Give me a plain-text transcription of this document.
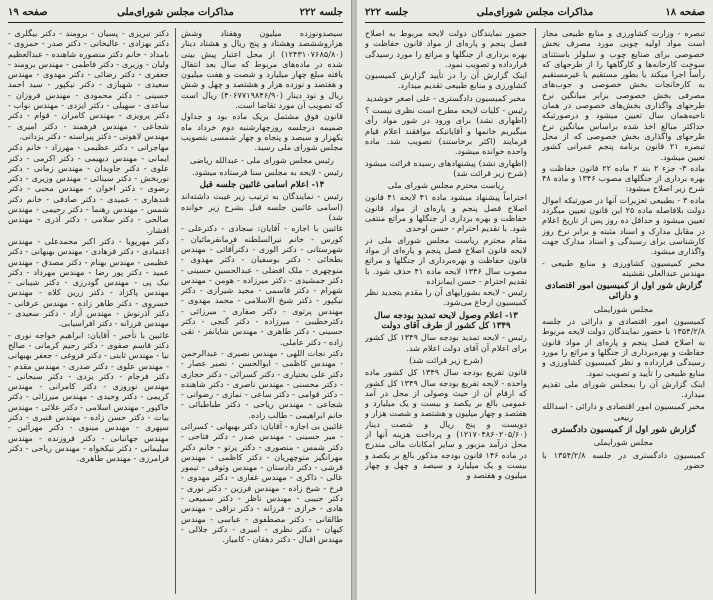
جلسه ۲۲۲
مذاکرات مجلس شورای‌ملی
صفحه ۱۹

سیصدونوزده میلیون وهفتاد وشش هزاروششصد وهشتاد و پنج ریال و هشتاد دینار (۱۲۴۳۱۰۷۶۸۵/۸۰) از محل اعتبار پیش بینی شده در ماده‌های مربوط که سال بعد انتقال یافته مبلغ چهار میلیارد و شصت و هفت میلیون و هفتصد و نوزده هزار و هشتصد و چهل و شش ریال و نود دینار (۴۰۶۷۷۱۹۸۴۶/۹۰) ریال است که تصویب آن مورد تقاضا است.

قانون فوق مشتمل بریک ماده بود و جداول ضمیمه درجلسه روزچهارشنبه دوم خرداد ماه یکهزار و سیصد و پنجاه و چهار شمسی بتصویب مجلس شورای ملی رسید.

رئیس مجلس شورای ملی - عبدالله ریاضی

رئیس - لایحه به مجلس سنا فرستاده میشود.

۱۴- اعلام اسامی غائبین جلسه قبل

رئیس - نمایندگان به ترتیب زیر غیبت داشته‌اند (اسامی غائبین جلسه قبل بشرح زیر خوانده شد)

غائبین با اجازه - آقایان: سجادی - دکترعلی - کورس - خانم نیرالسلطنه فرمانفرمائیان - شهرستانی - دکتر الوری - دکترآقائی - مهندس بطحائی - دکتر یوسفیان - دکتر مهدوی - منوچهری - ملک افضلی - عبدالحسین حسینی - دکتر جمشیدی - دکتر میرزاده - هومن - مهندس شهرام - دکتر قاسمی - مجید شیرازی - دکتر نیکپور - دکتر شیخ الاسلامی - محمد مهدوی - مهندس پرتوی - دکتر صفاری - میرزائی - دکترخطیبی - میرزاده - دکتر گنجی - دکتر حسینی - دکتر طاهری - مهندس شایانفر - تقی زاده - دکتر عاملی.

دکتر نجات اللهی - مهندس نصیری - عبدالرحمن - مهندس کاظمی - ابوالحسن - نصیر عصار - دکتر علی بختیاری - دکتر کسرائی - دکتر حجازی - دکتر محسنی - مهندس ناصری - دکتر شاهنده - دکتر قوامی - دکتر ساعی - نمازی - رضوانی - شجاعی - مهندس ریاحی - دکتر طباطبائی - خانم ابراهیمی - طالب زاده.

غائبین بی اجازه - آقایان: دکتر بهبهانی - کسرائی - میر حسینی - مهندس صدر - دکتر فتاحی - دکتر شمس - منصوری - دکتر پرتو - خانم دکتر مهرانگیز منوچهریان - دکتر کاظمی - مهندس قرشی - دکتر دادستان - مهندس وثوقی - تیمور عالی - ذاکری - مهندس غفاری - دکتر مهدوی - فرخ - شیخ زاده - مهندس فرزین - دکتر نوری - دکتر حبیبی - مهندس ناظر - دکتر سمیعی - هادی - خرازی - فرزانه - دکتر نراقی - مهندس طالقانی - دکتر مصطفوی - عباسی - مهندس کیهان - دکتر نظری - امیری - دکتر جلالی - مهندس اقبال - دکتر دهقان - کامیار.

دکتر تبریزی - پسیان - برومند - دکتر بیگلری - دکتر بهزادی - عالیخانی - دکتر صدر - حمزوی - بامداد - خانم دکتر منصوره شاهنده - عبدالعظیم ولیان - وزیری - دکتر فاطمی - مهندس برومند - جعفری - دکتر رضائی - دکتر مهدوی - مهندس سعیدی - شهبازی - دکتر نیکپور - سید احمد حسینی - دکتر محمودی - مهندس فروزان - ساعدی - سهیلی - دکتر ایزدی - مهندس نواب - دکتر پرویزی - مهندس کامران - قوام - دکتر شجاعی - مهندس فرهمند - دکتر امیری - مهندس لاهوتی - دکتر پیراسته - دکتر یزدانی.

مهاجرانی - دکتر عظیمی - مهرزاد - خانم دکتر ایمانی - مهندس دیهیمی - دکتر اکرمی - دکتر علوی - دکتر جاویدان - مهندس زمانی - دکتر نوربخش - دکتر سینائی - مهندس وزیری - دکتر رضوی - دکتر اخوان - مهندس محبی - دکتر قندهاری - عمیدی - دکتر صادقی - خانم دکتر شمس - مهندس رهنما - دکتر رحیمی - مهندس صالحی - دکتر سلامی - دکتر آذری - مهندس افشار.

دکتر مهرپویا - دکتر اکبر محمدعلی - مهندس اعتمادی - دکتر فرهادی - مهندس بهبهانی - دکتر عظیمی - مهندس بهنام - دکتر مصدق - مهندس عمید - دکتر پور رضا - مهندس مهرداد - دکتر نیک پی - مهندس گودرزی - دکتر شیبانی - مهندس پاکزاد - دکتر زرین کلاه - مهندس خسروی - دکتر طاهر زاده - مهندس عرفانی - دکتر آذرنوش - مهندس آزاد - دکتر سعیدی - مهندس فرزانه - دکتر افراسیابی.

غائبین با تأخیر - آقایان: ابراهیم خواجه نوری - دکتر قاسم صفوی - دکتر رحیم کرمانی - صالح نیا - مهندس ثابتی - دکتر فروغی - جعفر بهبهانی - مهندس علوی - دکتر صدری - مهندس مقدم - دکتر فرجام - دکتر یزدی - دکتر سبحانی - مهندس نوروزی - دکتر کامرانی - مهندس کریمی - دکتر وحیدی - مهندس میرزائی - دکتر خاکپور - مهندس اسلامی - دکتر علائی - مهندس بیات - دکتر حسن زاده - مهندس قنبری - دکتر سپهری - مهندس مینوی - دکتر مهرآئین - مهندس جهانبانی - دکتر فروزنده - مهندس سلیمانی - دکتر نیکخواه - مهندس ریاحی - دکتر فرامرزی - مهندس طاهری.

صفحه ۱۸
مذاکرات مجلس شورای‌ملی
جلسه ۲۲۲

تبصره - وزارت کشاورزی و منابع طبیعی مجاز است مواد اولیه چوبی مورد مصرف بخش خصوصی برای صنایع چوب و سلولز باستثنای سوخت کارخانه‌ها و کارگاهها را از طرحهای که رأساً اجرا میکند یا بطور مستقیم یا غیرمستقیم به کارخانجات بخش خصوصی و جوب‌های مصرفی بخش خصوصی برابر میانگین نرخ طرحهای واگذاری بخش‌های خصوصی در همان ناحیه‌همان سال تعیین میشود و درصورتیکه حداکثر مبالغ اخذ شده براساس میانگین نرخ طرحهای واگذاری بخش خصوصی که از محل تبصره ۲۱ قانون برنامه پنجم عمرانی کشور تعیین میشود.

ماده ۳- جزء ۲ بند ۲ ماده ۲۲ قانون حفاظت و بهره برداری از جنگلهای مصوب ۱۳۴۶ و ماده ۴۸ شرح زیر اصلاح میشود:

ماده ۳ - بطبیعی تعزیرات آنها در صورتیکه اموال دولت بلافاصله ماده ۲۵ این قانون تعیین میگردد تعیین میشود و حداقل ده روز پس از تاریخ اعلام در مقابل مدارک و اسناد مثبته و برابر نرخ روز کارشناسی برای رسیدگی و اسناد مدارک جهت واگذاری میشود.

مخبر کمیسیون کشاورزی و منابع طبیعی - مهندس عبدالعلی نقشینه

گزارش شور اول از کمیسیون امور اقتصادی و دارائی

مجلس شورایملی

کمیسیون امور اقتصادی و دارائی در جلسه ۱۳۵۴/۲/۸ با حضور نمایندگان دولت لایحه مربوط به اصلاح فصل پنجم و پاره‌ای از مواد قانون حفاظت و بهره‌برداری از جنگلها و مراتع را مورد رسیدگی قرارداده و نظر کمیسیون کشاورزی و منابع طبیعی را تأیید و تصویب نمود.

اینک گزارش آن را بمجلس شورای ملی تقدیم میدارد.

مخبر کمیسیون امور اقتصادی و دارائی - اسدالله ربیعی

گزارش شور اول از کمیسیون دادگستری

مجلس شورایملی

کمیسیون دادگستری در جلسه ۱۳۵۴/۲/۸ با حضور

حضور نمایندگان دولت لایحه مربوط به اصلاح فصل پنجم و پاره‌ای از مواد قانون حفاظت و بهره برداری از جنگلها و مراتع را مورد رسیدگی قرارداده و تصویب نمود.

اینک گزارش آن را در تأیید گزارش کمیسیون کشاورزی و منابع طبیعی تقدیم میدارد.

مخبر کمیسیون دادگستری - علی اصغر خوشدید

رئیس - کلیات لایحه مطرح است نظری نیست ؟ (اظهاری نشد) برای ورود در شور مواد رأی میگیریم خانمها و آقایانیکه موافقند اعلام قیام فرمایند (اکثر برخاستند) تصویب شد. ماده واحده خوانده میشود.

(اظهاری نشد) پیشنهادهای رسیده قرائت میشود (شرح زیر قرائت شد)

ریاست محترم مجلس شورای ملی

احتراماً پیشنهاد میشود ماده ۴۱ لایحه ۴۱ قانون اصلاح فصل پنجم و پاره‌ای از مواد قانون حفاظت و بهره برداری از جنگلها و مراتع منتفی شود. با تقدیم احترام - حسن اوحدی

مقام محترم ریاست مجلس شورای ملی در لایحه قانون اصلاح فصل پنجم و پاره‌ای از مواد قانون حفاظت و بهره‌برداری از جنگلها و مراتع مصوب سال ۱۳۴۶ لایحه ماده ۴۱ حذف شود. با تقدیم احترام - حسن ایمانزاده

رئیس - لایحه بشورایهای آن را مقدم بتجدید نظر کمیسیون ارجاع می‌شود.

۱۳- اعلام وصول لایحه تمدید بودجه سال ۱۳۴۹ کل کشور از طرف آقای دولت

رئیس - لایحه تمدید بودجه سال ۱۳۴۹ کل کشور برای اعلام آن آقای دولت اعلام شد.

(شرح زیر قرائت شد)

قانون تفریغ بودجه سال ۱۳۴۹ کل کشور ماده واحده - لایحه تفریغ بودجه سال ۱۳۴۹ کل کشور که ارقام آن از حیث وصولی از محل در آمد عمومی بالغ بر یکصد و بیست و یک میلیارد و هفتصد و چهار میلیون و هشتصد و شصت هزار و دویست و پنج ریال و شصت دینار (۱۲۱۷۰۴۸۶۰۲۰۵/۶۰) و پرداخت هزینه آنها از محل درآمد مزبور و سایر امکانات مالی مندرج در ماده ۱۴۶ قانون بودجه مذکور بالغ بر یکصد و بیست و یک میلیارد و سیصد و چهل و چهار میلیون و هفتصد و
